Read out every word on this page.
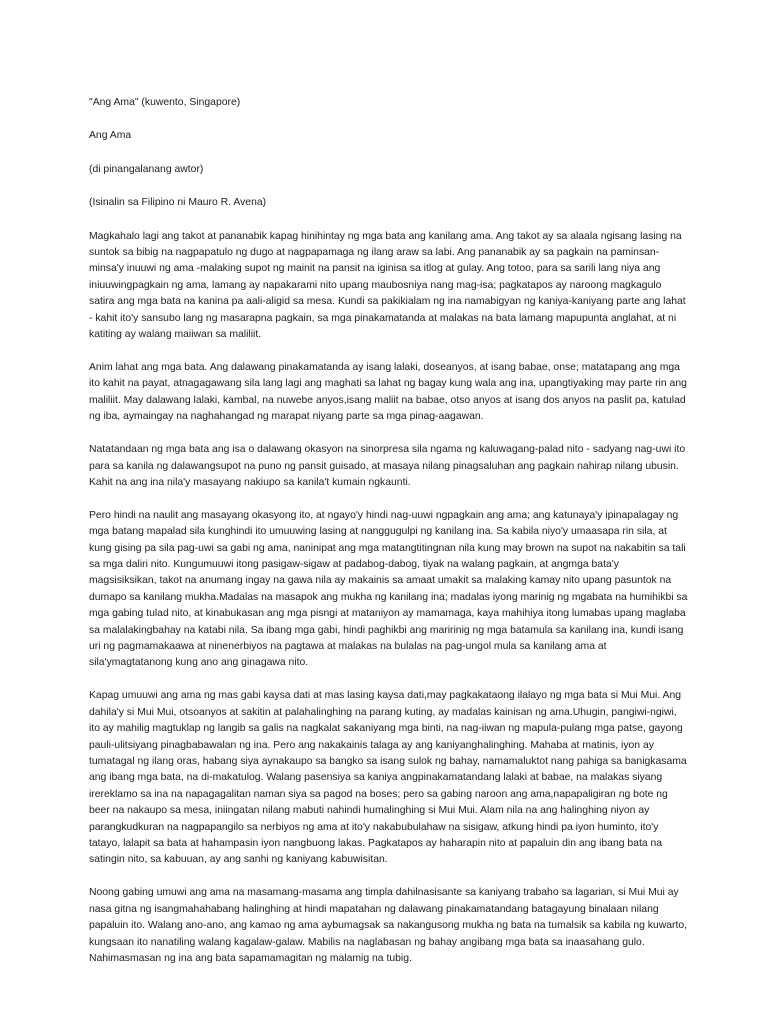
"Ang Ama" (kuwento, Singapore)
Ang Ama
(di pinangalanang awtor)
(Isinalin sa Filipino ni Mauro R. Avena)

Magkahalo lagi ang takot at pananabik kapag hinihintay ng mga bata ang kanilang ama. Ang takot ay sa alaala ngisang lasing na suntok sa bibig na nagpapatulo ng dugo at nagpapamaga ng ilang araw sa labi. Ang pananabik ay sa pagkain na paminsan-minsa'y inuuwi ng ama -malaking supot ng mainit na pansit na iginisa sa itlog at gulay. Ang totoo, para sa sarili lang niya ang iniuuwingpagkain ng ama, lamang ay napakarami nito upang maubosniya nang mag-isa; pagkatapos ay naroong magkagulo satira ang mga bata na kanina pa aali-aligid sa mesa. Kundi sa pakikialam ng ina namabigyan ng kaniya-kaniyang parte ang lahat - kahit ito'y sansubo lang ng masarapna pagkain, sa mga pinakamatanda at malakas na bata lamang mapupunta anglahat, at ni katiting ay walang maiiwan sa maliliit.

Anim lahat ang mga bata. Ang dalawang pinakamatanda ay isang lalaki, doseanyos, at isang babae, onse; matatapang ang mga ito kahit na payat, atnagagawang sila lang lagi ang maghati sa lahat ng bagay kung wala ang ina, upangtiyaking may parte rin ang maliliit. May dalawang lalaki, kambal, na nuwebe anyos,isang maliit na babae, otso anyos at isang dos anyos na paslit pa, katulad ng iba, aymaingay na naghahangad ng marapat niyang parte sa mga pinag-aagawan.

Natatandaan ng mga bata ang isa o dalawang okasyon na sinorpresa sila ngama ng kaluwagang-palad nito - sadyang nag-uwi ito para sa kanila ng dalawangsupot na puno ng pansit guisado, at masaya nilang pinagsaluhan ang pagkain nahirap nilang ubusin. Kahit na ang ina nila'y masayang nakiupo sa kanila't kumain ngkaunti.

Pero hindi na naulit ang masayang okasyong ito, at ngayo'y hindi nag-uuwi ngpagkain ang ama; ang katunaya'y ipinapalagay ng mga batang mapalad sila kunghindi ito umuuwing lasing at nanggugulpi ng kanilang ina. Sa kabila niyo'y umaasapa rin sila, at kung gising pa sila pag-uwi sa gabi ng ama, naninipat ang mga matangtitingnan nila kung may brown na supot na nakabitin sa tali sa mga daliri nito. Kungumuuwi itong pasigaw-sigaw at padabog-dabog, tiyak na walang pagkain, at angmga bata'y magsisiksikan, takot na anumang ingay na gawa nila ay makainis sa amaat umakit sa malaking kamay nito upang pasuntok na dumapo sa kanilang mukha.Madalas na masapok ang mukha ng kanilang ina; madalas iyong marinig ng mgabata na humihikbi sa mga gabing tulad nito, at kinabukasan ang mga pisngi at mataniyon ay mamamaga, kaya mahihiya itong lumabas upang maglaba sa malalakingbahay na katabi nila. Sa ibang mga gabi, hindi paghikbi ang maririnig ng mga batamula sa kanilang ina, kundi isang uri ng pagmamakaawa at ninenerbiyos na pagtawa at malakas na bulalas na pag-ungol mula sa kanilang ama at sila'ymagtatanong kung ano ang ginagawa nito.

Kapag umuuwi ang ama ng mas gabi kaysa dati at mas lasing kaysa dati,may pagkakataong ilalayo ng mga bata si Mui Mui. Ang dahila'y si Mui Mui, otsoanyos at sakitin at palahalinghing na parang kuting, ay madalas kainisan ng ama.Uhugin, pangiwi-ngiwi, ito ay mahilig magtuklap ng langib sa galis na nagkalat sakaniyang mga binti, na nag-iiwan ng mapula-pulang mga patse, gayong pauli-ulitsiyang pinagbabawalan ng ina. Pero ang nakakainis talaga ay ang kaniyanghalinghing. Mahaba at matinis, iyon ay tumatagal ng ilang oras, habang siya aynakaupo sa bangko sa isang sulok ng bahay, namamaluktot nang pahiga sa banigkasama ang ibang mga bata, na di-makatulog. Walang pasensiya sa kaniya angpinakamatandang lalaki at babae, na malakas siyang irereklamo sa ina na napagagalitan naman siya sa pagod na boses; pero sa gabing naroon ang ama,napapaligiran ng bote ng beer na nakaupo sa mesa, iniingatan nilang mabuti nahindi humalinghing si Mui Mui. Alam nila na ang halinghing niyon ay parangkudkuran na nagpapangilo sa nerbiyos ng ama at ito'y nakabubulahaw na sisigaw, atkung hindi pa iyon huminto, ito'y tatayo, lalapit sa bata at hahampasin iyon nangbuong lakas. Pagkatapos ay haharapin nito at papaluin din ang ibang bata na satingin nito, sa kabuuan, ay ang sanhi ng kaniyang kabuwisitan.

Noong gabing umuwi ang ama na masamang-masama ang timpla dahilnasisante sa kaniyang trabaho sa lagarian, si Mui Mui ay nasa gitna ng isangmahahabang halinghing at hindi mapatahan ng dalawang pinakamatandang batagayung binalaan nilang papaluin ito. Walang ano-ano, ang kamao ng ama aybumagsak sa nakangusong mukha ng bata na tumalsik sa kabila ng kuwarto, kungsaan ito nanatiling walang kagalaw-galaw. Mabilis na naglabasan ng bahay angibang mga bata sa inaasahang gulo. Nahimasmasan ng ina ang bata sapamamagitan ng malamig na tubig.
